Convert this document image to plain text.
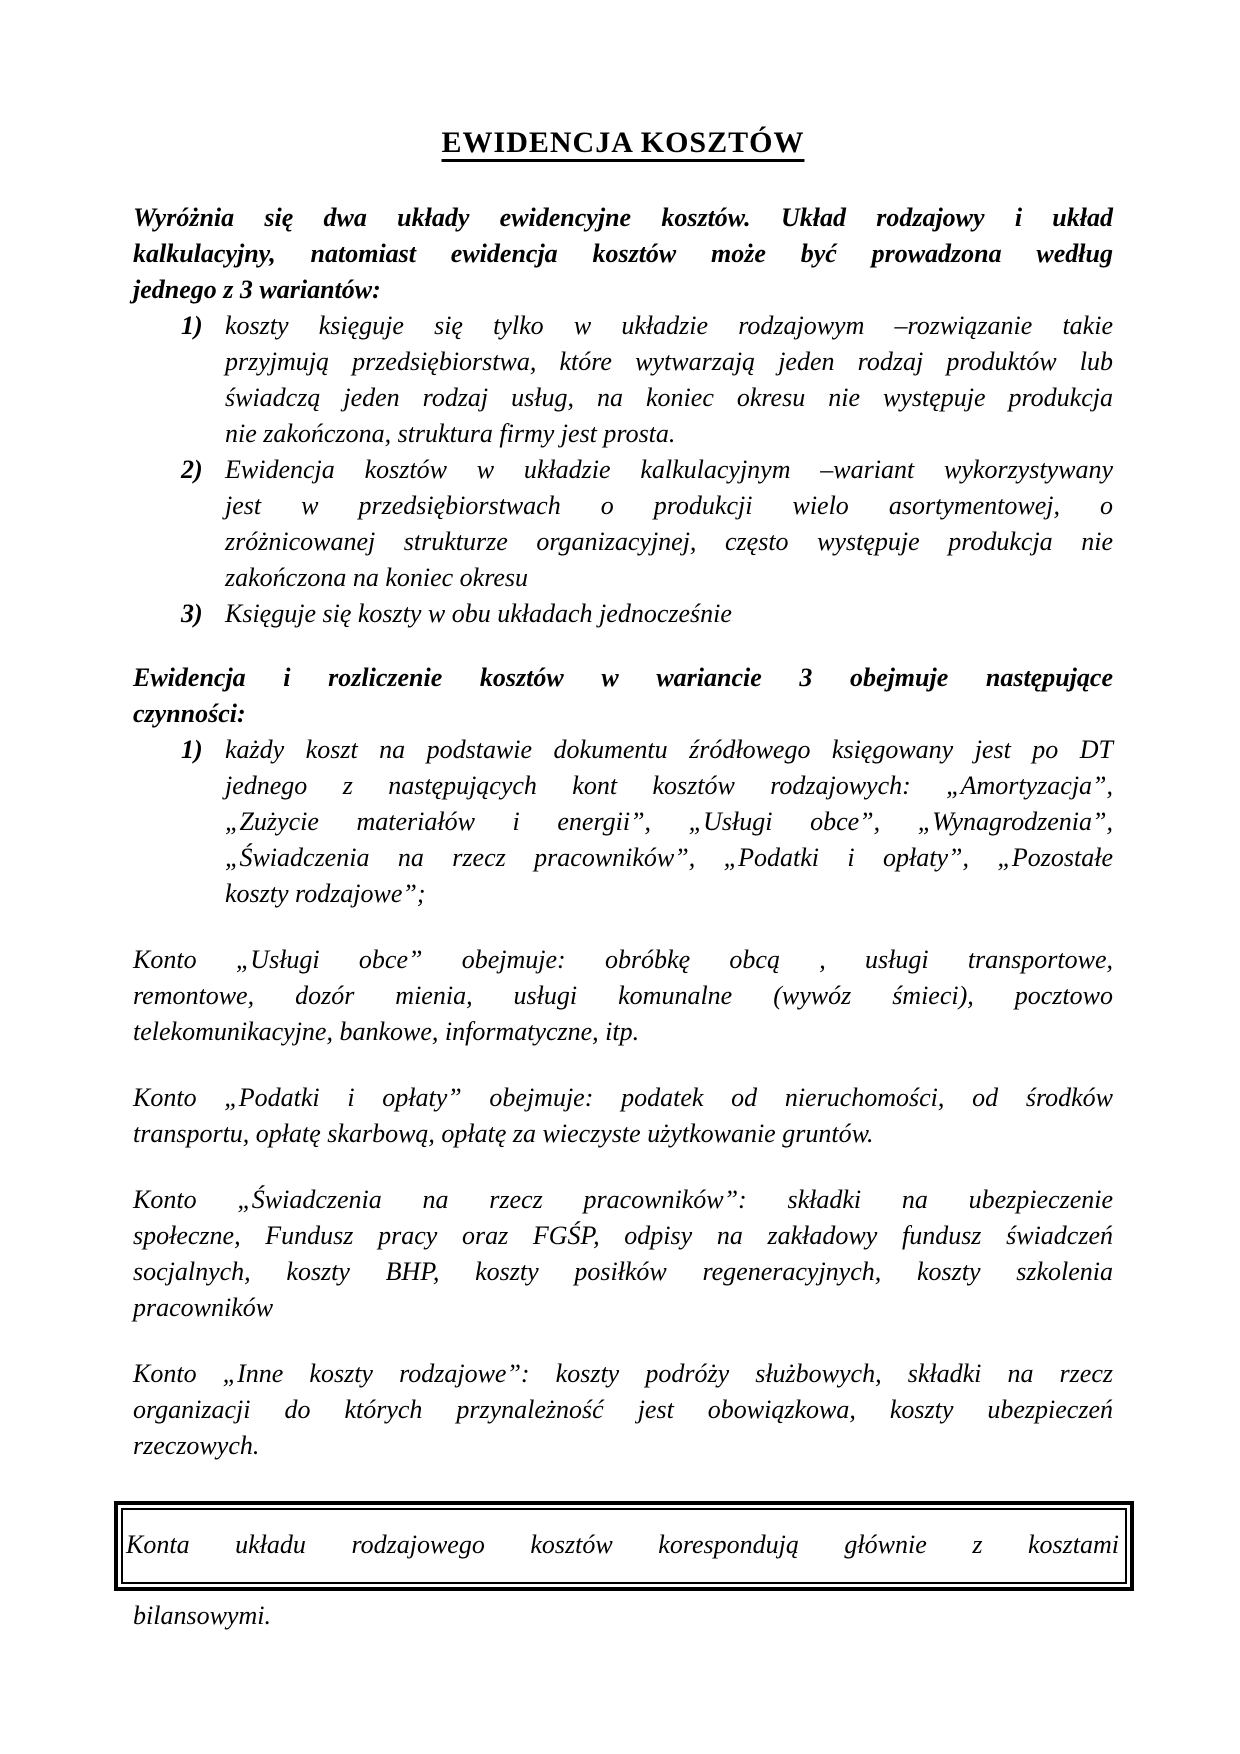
EWIDENCJA KOSZTÓW
Wyróżnia się dwa układy ewidencyjne kosztów. Układ rodzajowy i układ
kalkulacyjny, natomiast ewidencja kosztów może być prowadzona według
jednego z 3 wariantów:
1) koszty księguje się tylko w układzie rodzajowym –rozwiązanie takie
przyjmują przedsiębiorstwa, które wytwarzają jeden rodzaj produktów lub
świadczą jeden rodzaj usług, na koniec okresu nie występuje produkcja
nie zakończona, struktura firmy jest prosta.
2) Ewidencja kosztów w układzie kalkulacyjnym –wariant wykorzystywany
jest w przedsiębiorstwach o produkcji wielo asortymentowej, o
zróżnicowanej strukturze organizacyjnej, często występuje produkcja nie
zakończona na koniec okresu
3) Księguje się koszty w obu układach jednocześnie
Ewidencja i rozliczenie kosztów w wariancie 3 obejmuje następujące
czynności:
1) każdy koszt na podstawie dokumentu źródłowego księgowany jest po DT
jednego z następujących kont kosztów rodzajowych: „Amortyzacja”,
„Zużycie materiałów i energii”, „Usługi obce”, „Wynagrodzenia”,
„Świadczenia na rzecz pracowników”, „Podatki i opłaty”, „Pozostałe
koszty rodzajowe”;
Konto „Usługi obce” obejmuje: obróbkę obcą , usługi transportowe,
remontowe, dozór mienia, usługi komunalne (wywóz śmieci), pocztowo
telekomunikacyjne, bankowe, informatyczne, itp.
Konto „Podatki i opłaty” obejmuje: podatek od nieruchomości, od środków
transportu, opłatę skarbową, opłatę za wieczyste użytkowanie gruntów.
Konto „Świadczenia na rzecz pracowników”: składki na ubezpieczenie
społeczne, Fundusz pracy oraz FGŚP, odpisy na zakładowy fundusz świadczeń
socjalnych, koszty BHP, koszty posiłków regeneracyjnych, koszty szkolenia
pracowników
Konto „Inne koszty rodzajowe”: koszty podróży służbowych, składki na rzecz
organizacji do których przynależność jest obowiązkowa, koszty ubezpieczeń
rzeczowych.
Konta układu rodzajowego kosztów korespondują głównie z kosztami
bilansowymi.
